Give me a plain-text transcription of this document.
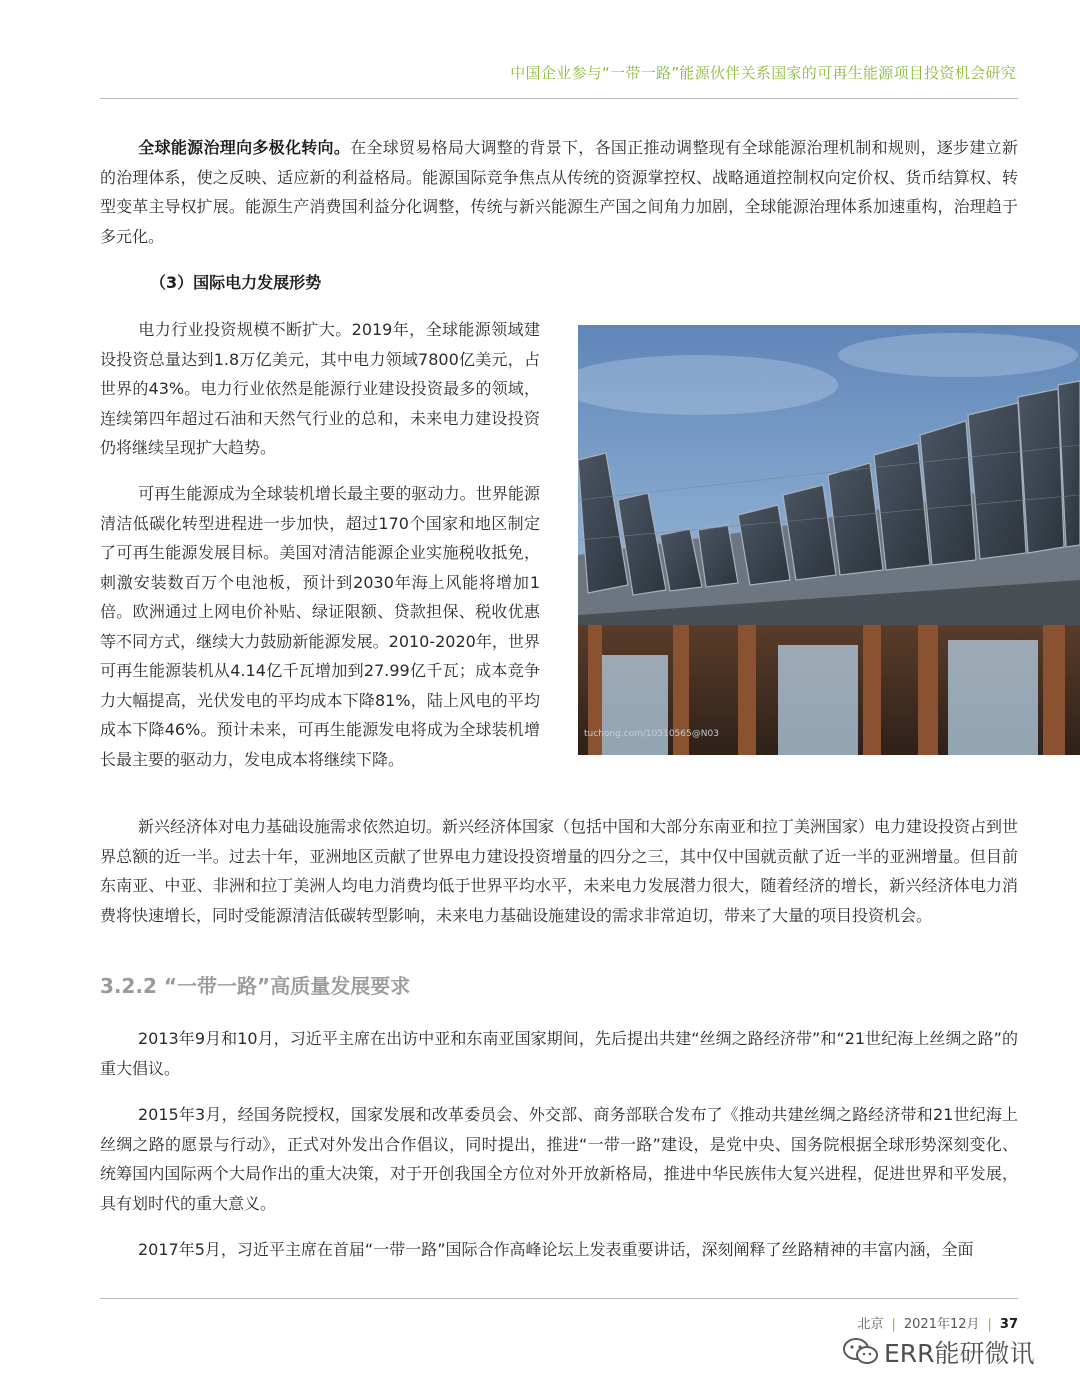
中国企业参与“一带一路”能源伙伴关系国家的可再生能源项目投资机会研究

全球能源治理向多极化转向。在全球贸易格局大调整的背景下，各国正推动调整现有全球能源治理机制和规则，逐步建立新的治理体系，使之反映、适应新的利益格局。能源国际竞争焦点从传统的资源掌控权、战略通道控制权向定价权、货币结算权、转型变革主导权扩展。能源生产消费国利益分化调整，传统与新兴能源生产国之间角力加剧，全球能源治理体系加速重构，治理趋于多元化。

（3）国际电力发展形势

电力行业投资规模不断扩大。2019年，全球能源领域建设投资总量达到1.8万亿美元，其中电力领域7800亿美元，占世界的43%。电力行业依然是能源行业建设投资最多的领域，连续第四年超过石油和天然气行业的总和，未来电力建设投资仍将继续呈现扩大趋势。

可再生能源成为全球装机增长最主要的驱动力。世界能源清洁低碳化转型进程进一步加快，超过170个国家和地区制定了可再生能源发展目标。美国对清洁能源企业实施税收抵免，刺激安装数百万个电池板，预计到2030年海上风能将增加1倍。欧洲通过上网电价补贴、绿证限额、贷款担保、税收优惠等不同方式，继续大力鼓励新能源发展。2010-2020年，世界可再生能源装机从4.14亿千瓦增加到27.99亿千瓦；成本竞争力大幅提高，光伏发电的平均成本下降81%，陆上风电的平均成本下降46%。预计未来，可再生能源发电将成为全球装机增长最主要的驱动力，发电成本将继续下降。

tuchong.com/10510565@N03

新兴经济体对电力基础设施需求依然迫切。新兴经济体国家（包括中国和大部分东南亚和拉丁美洲国家）电力建设投资占到世界总额的近一半。过去十年，亚洲地区贡献了世界电力建设投资增量的四分之三，其中仅中国就贡献了近一半的亚洲增量。但目前东南亚、中亚、非洲和拉丁美洲人均电力消费均低于世界平均水平，未来电力发展潜力很大，随着经济的增长，新兴经济体电力消费将快速增长，同时受能源清洁低碳转型影响，未来电力基础设施建设的需求非常迫切，带来了大量的项目投资机会。

3.2.2 “一带一路”高质量发展要求

2013年9月和10月，习近平主席在出访中亚和东南亚国家期间，先后提出共建“丝绸之路经济带”和“21世纪海上丝绸之路”的重大倡议。

2015年3月，经国务院授权，国家发展和改革委员会、外交部、商务部联合发布了《推动共建丝绸之路经济带和21世纪海上丝绸之路的愿景与行动》，正式对外发出合作倡议，同时提出，推进“一带一路”建设，是党中央、国务院根据全球形势深刻变化、统筹国内国际两个大局作出的重大决策，对于开创我国全方位对外开放新格局，推进中华民族伟大复兴进程，促进世界和平发展，具有划时代的重大意义。

2017年5月，习近平主席在首届“一带一路”国际合作高峰论坛上发表重要讲话，深刻阐释了丝路精神的丰富内涵，全面

北京 | 2021年12月 | 37
ERR能研微讯
